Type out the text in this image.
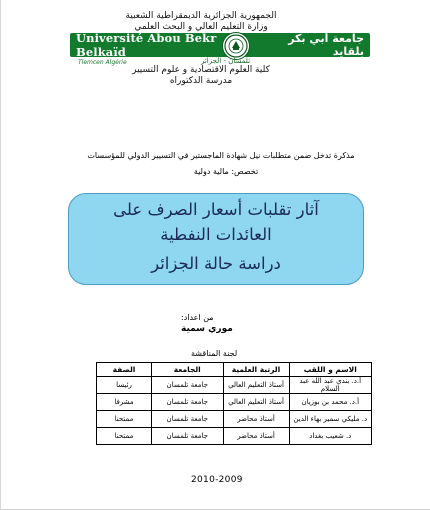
الجمهورية الجزائرية الديمقراطية الشعبية
وزارة التعليم العالي و البحث العلمي
Université Abou Bekr Belkaïd
جامعة أبي بكر بلقايد
Tlemcen Algérie	تلمسان - الجزائر
كلية العلوم الاقتصادية و علوم التسيير
مدرسة الدكتوراه
مذكرة تدخل ضمن متطلبات نيل شهادة الماجستير في التسيير الدولي للمؤسسات
تخصص: مالية دولية
آثار تقلبات أسعار الصرف على
العائدات النفطية
دراسة حالة الجزائر
من اعداد:
موري سمية
لجنة المناقشة
الاسم و اللقب	الرتبة العلمية	الجامعة	الصفة
أ.د. بندي عبد الله عبد السلام	أستاذ التعليم العالي	جامعة تلمسان	رئيسا
أ.د. محمد بن بوزيان	أستاذ التعليم العالي	جامعة تلمسان	مشرفا
د. مليكي سمير بهاء الدين	أستاذ محاضر	جامعة تلمسان	ممتحنا
د. شعيب بغداد	أستاذ محاضر	جامعة تلمسان	ممتحنا
2010-2009
